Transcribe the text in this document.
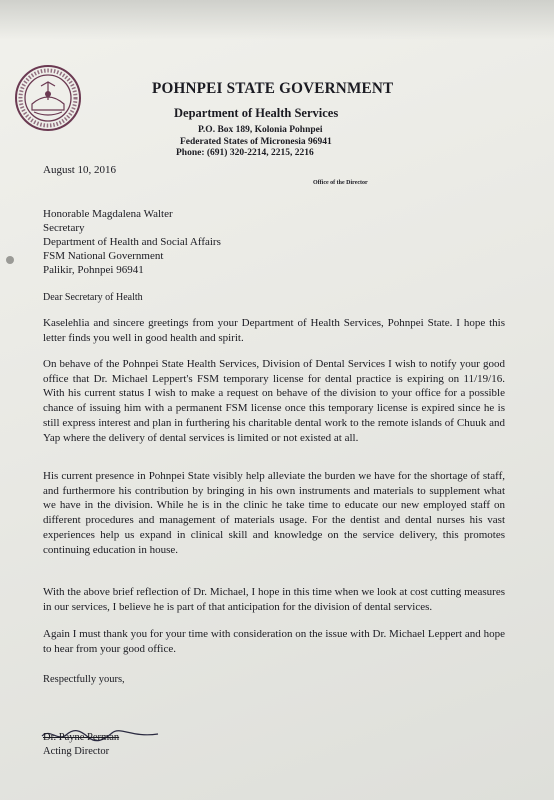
POHNPEI STATE GOVERNMENT
Department of Health Services
P.O. Box 189, Kolonia Pohnpei
Federated States of Micronesia 96941
Phone: (691) 320-2214, 2215, 2216
Office of the Director
August 10, 2016
Honorable Magdalena Walter
Secretary
Department of Health and Social Affairs
FSM National Government
Palikir, Pohnpei 96941
Dear Secretary of Health
Kaselehlia and sincere greetings from your Department of Health Services, Pohnpei State. I hope this letter finds you well in good health and spirit.
On behave of the Pohnpei State Health Services, Division of Dental Services I wish to notify your good office that Dr. Michael Leppert's FSM temporary license for dental practice is expiring on 11/19/16. With his current status I wish to make a request on behave of the division to your office for a possible chance of issuing him with a permanent FSM license once this temporary license is expired since he is still express interest and plan in furthering his charitable dental work to the remote islands of Chuuk and Yap where the delivery of dental services is limited or not existed at all.
His current presence in Pohnpei State visibly help alleviate the burden we have for the shortage of staff, and furthermore his contribution by bringing in his own instruments and materials to supplement what we have in the division. While he is in the clinic he take time to educate our new employed staff on different procedures and management of materials usage. For the dentist and dental nurses his vast experiences help us expand in clinical skill and knowledge on the service delivery, this promotes continuing education in house.
With the above brief reflection of Dr. Michael, I hope in this time when we look at cost cutting measures in our services, I believe he is part of that anticipation for the division of dental services.
Again I must thank you for your time with consideration on the issue with Dr. Michael Leppert and hope to hear from your good office.
Respectfully yours,
Dr. Payne Perman
Acting Director
